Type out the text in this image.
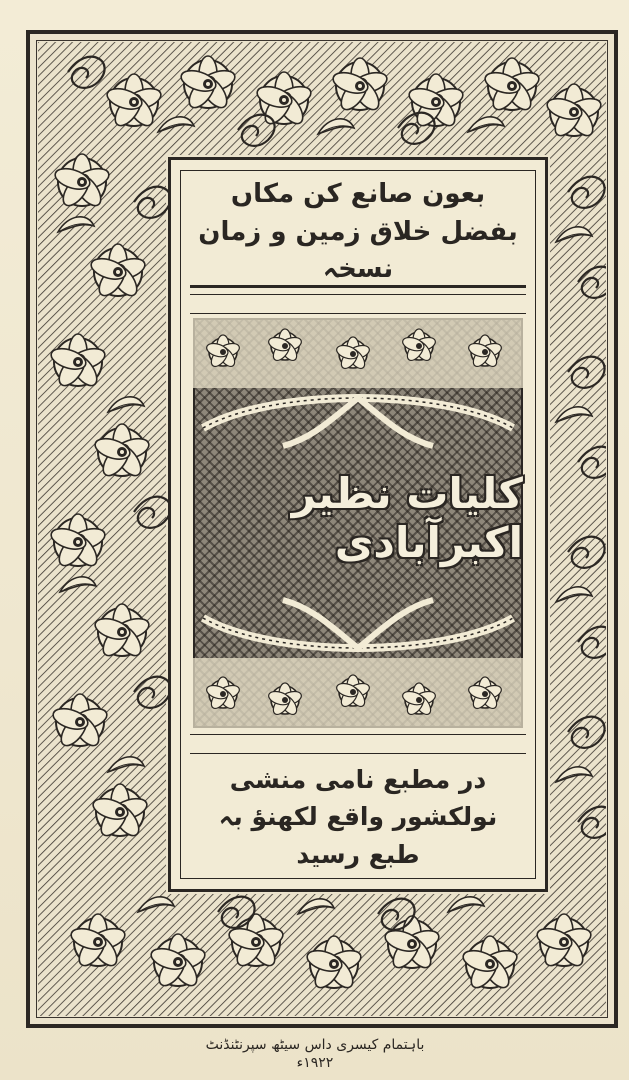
بعون صانع کن مکاں بفضل خلاق زمین و زمان نسخہ
کلیات نظیر اکبرآبادی
در مطبع نامی منشی نولکشور واقع لکھنؤ بہ طبع رسید
باہتمام کیسری داس سیٹھ سپرنٹنڈنٹ
۱۹۲۲ء
